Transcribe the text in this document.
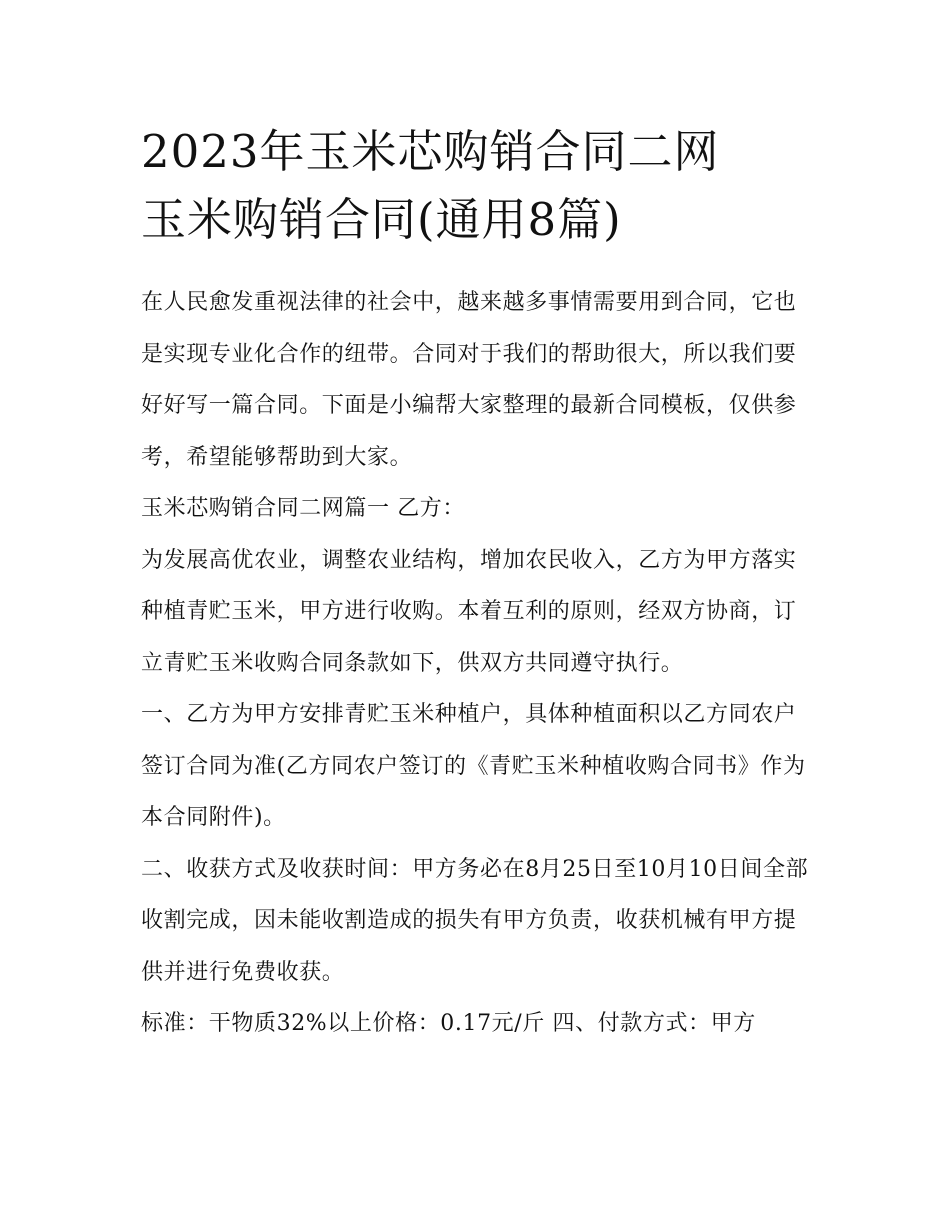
2023年玉米芯购销合同二网
玉米购销合同(通用8篇)

在人民愈发重视法律的社会中，越来越多事情需要用到合同，它也是实现专业化合作的纽带。合同对于我们的帮助很大，所以我们要好好写一篇合同。下面是小编帮大家整理的最新合同模板，仅供参考，希望能够帮助到大家。

玉米芯购销合同二网篇一 乙方：

为发展高优农业，调整农业结构，增加农民收入，乙方为甲方落实种植青贮玉米，甲方进行收购。本着互利的原则，经双方协商，订立青贮玉米收购合同条款如下，供双方共同遵守执行。

一、乙方为甲方安排青贮玉米种植户，具体种植面积以乙方同农户签订合同为准(乙方同农户签订的《青贮玉米种植收购合同书》作为本合同附件)。

二、收获方式及收获时间：甲方务必在8月25日至10月10日间全部收割完成，因未能收割造成的损失有甲方负责，收获机械有甲方提供并进行免费收获。

标准：干物质32%以上价格：0.17元/斤 四、付款方式：甲方
